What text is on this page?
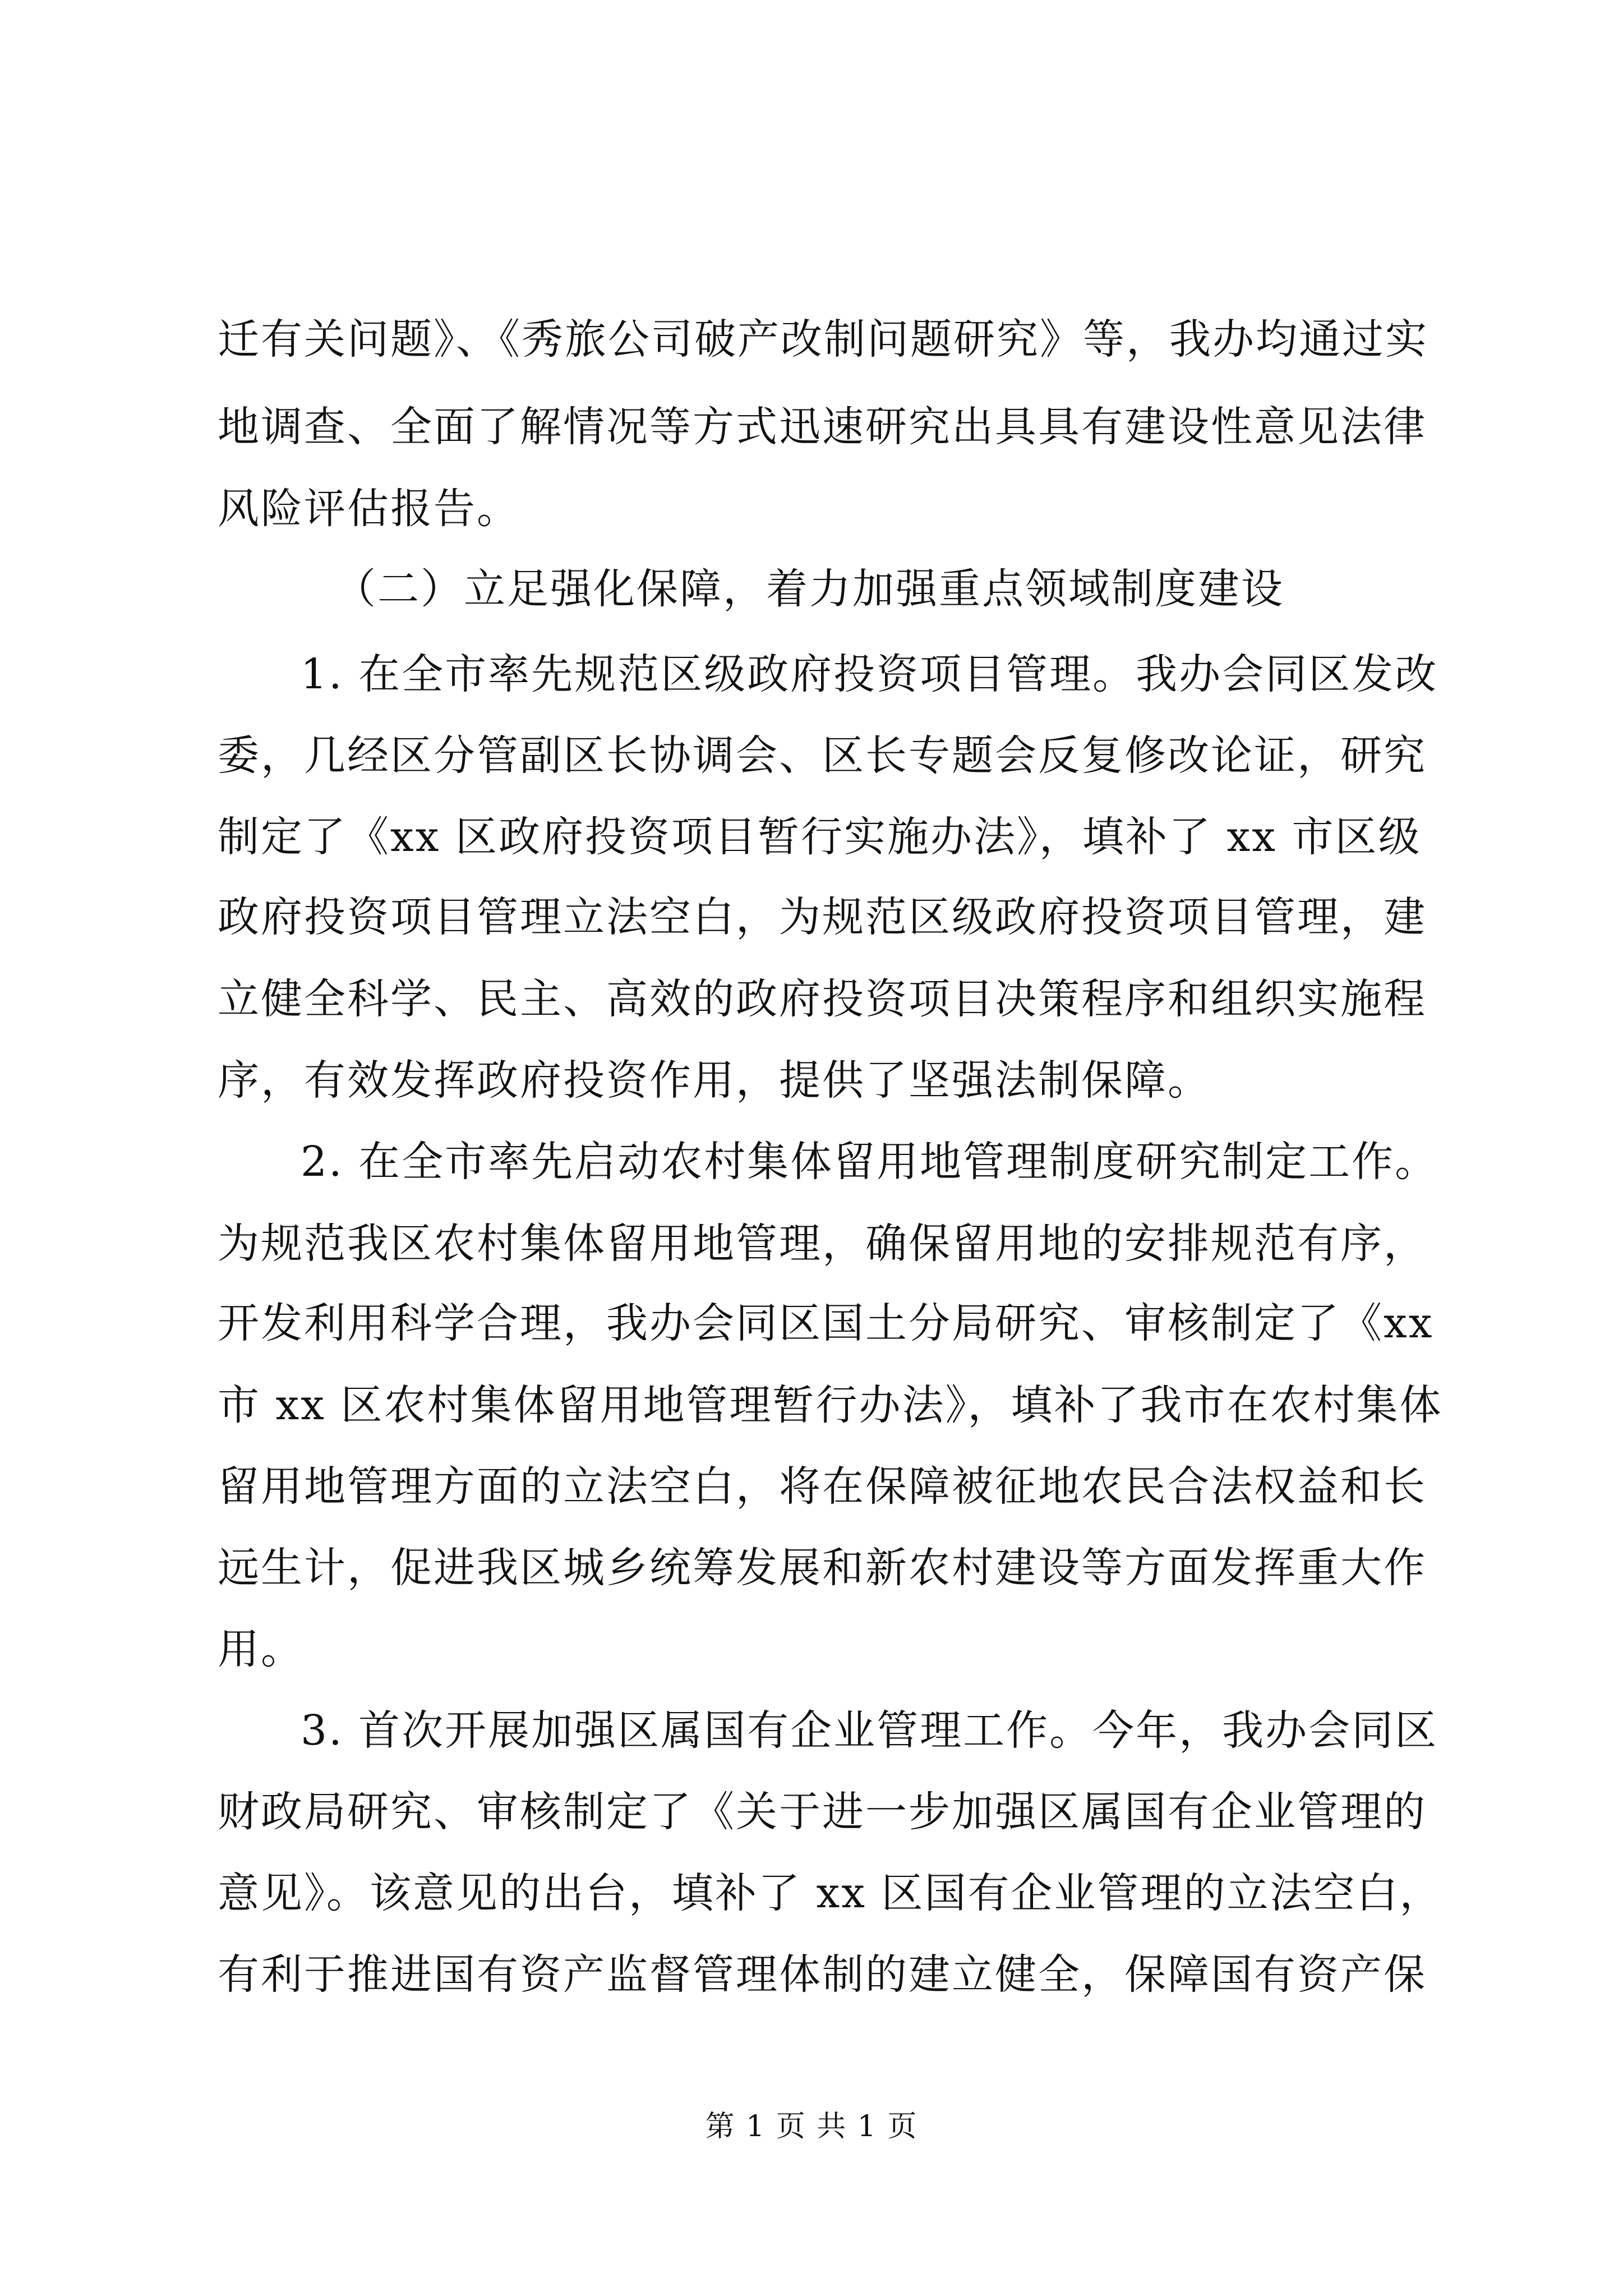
迁有关问题》、《秀旅公司破产改制问题研究》等，我办均通过实
地调查、全面了解情况等方式迅速研究出具具有建设性意见法律
风险评估报告。
（二）立足强化保障，着力加强重点领域制度建设
1. 在全市率先规范区级政府投资项目管理。我办会同区发改
委，几经区分管副区长协调会、区长专题会反复修改论证，研究
制定了《xx 区政府投资项目暂行实施办法》，填补了 xx 市区级
政府投资项目管理立法空白，为规范区级政府投资项目管理，建
立健全科学、民主、高效的政府投资项目决策程序和组织实施程
序，有效发挥政府投资作用，提供了坚强法制保障。
2. 在全市率先启动农村集体留用地管理制度研究制定工作。
为规范我区农村集体留用地管理，确保留用地的安排规范有序，
开发利用科学合理，我办会同区国土分局研究、审核制定了《xx
市 xx 区农村集体留用地管理暂行办法》，填补了我市在农村集体
留用地管理方面的立法空白，将在保障被征地农民合法权益和长
远生计，促进我区城乡统筹发展和新农村建设等方面发挥重大作
用。
3. 首次开展加强区属国有企业管理工作。今年，我办会同区
财政局研究、审核制定了《关于进一步加强区属国有企业管理的
意见》。该意见的出台，填补了 xx 区国有企业管理的立法空白，
有利于推进国有资产监督管理体制的建立健全，保障国有资产保
第 1 页 共 1 页
